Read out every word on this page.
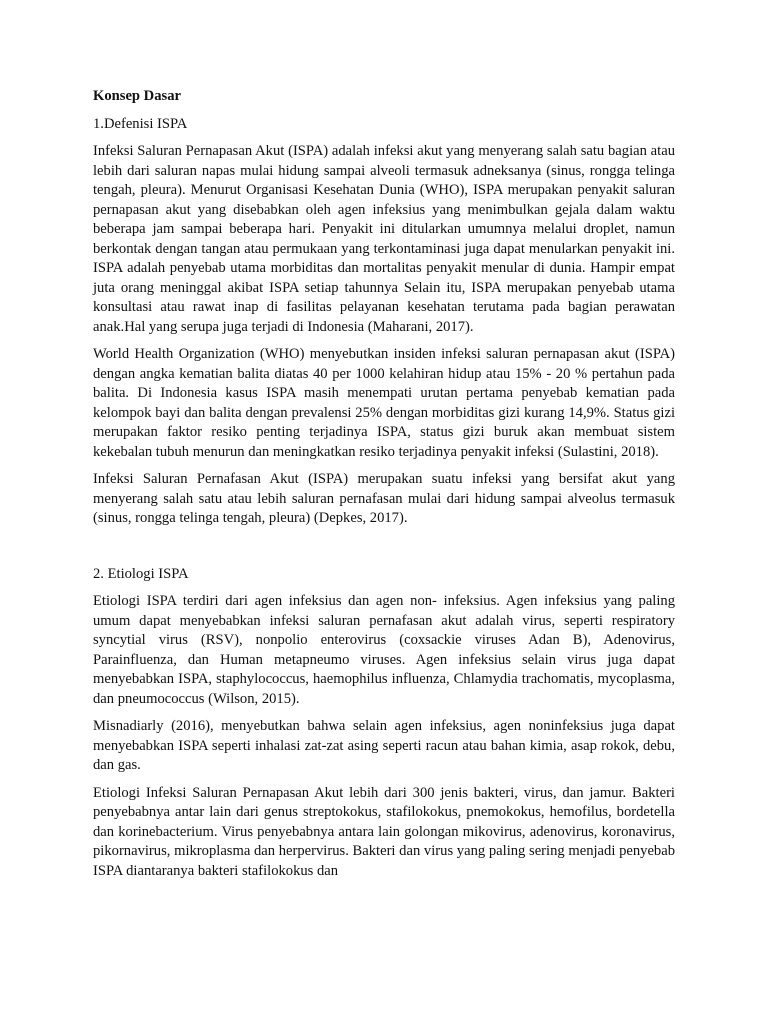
Konsep Dasar
1.Defenisi ISPA

Infeksi Saluran Pernapasan Akut (ISPA) adalah infeksi akut yang menyerang salah satu bagian atau lebih dari saluran napas mulai hidung sampai alveoli termasuk adneksanya (sinus, rongga telinga tengah, pleura). Menurut Organisasi Kesehatan Dunia (WHO), ISPA merupakan penyakit saluran pernapasan akut yang disebabkan oleh agen infeksius yang menimbulkan gejala dalam waktu beberapa jam sampai beberapa hari. Penyakit ini ditularkan umumnya melalui droplet, namun berkontak dengan tangan atau permukaan yang terkontaminasi juga dapat menularkan penyakit ini. ISPA adalah penyebab utama morbiditas dan mortalitas penyakit menular di dunia. Hampir empat juta orang meninggal akibat ISPA setiap tahunnya Selain itu, ISPA merupakan penyebab utama konsultasi atau rawat inap di fasilitas pelayanan kesehatan terutama pada bagian perawatan anak.Hal yang serupa juga terjadi di Indonesia (Maharani, 2017).

World Health Organization (WHO) menyebutkan insiden infeksi saluran pernapasan akut (ISPA) dengan angka kematian balita diatas 40 per 1000 kelahiran hidup atau 15% - 20 % pertahun pada balita. Di Indonesia kasus ISPA masih menempati urutan pertama penyebab kematian pada kelompok bayi dan balita dengan prevalensi 25% dengan morbiditas gizi kurang 14,9%. Status gizi merupakan faktor resiko penting terjadinya ISPA, status gizi buruk akan membuat sistem kekebalan tubuh menurun dan meningkatkan resiko terjadinya penyakit infeksi (Sulastini, 2018).

Infeksi Saluran Pernafasan Akut (ISPA) merupakan suatu infeksi yang bersifat akut yang menyerang salah satu atau lebih saluran pernafasan mulai dari hidung sampai alveolus termasuk (sinus, rongga telinga tengah, pleura) (Depkes, 2017).

2. Etiologi ISPA

Etiologi ISPA terdiri dari agen infeksius dan agen non- infeksius. Agen infeksius yang paling umum dapat menyebabkan infeksi saluran pernafasan akut adalah virus, seperti respiratory syncytial virus (RSV), nonpolio enterovirus (coxsackie viruses Adan B), Adenovirus, Parainfluenza, dan Human metapneumo viruses. Agen infeksius selain virus juga dapat menyebabkan ISPA, staphylococcus, haemophilus influenza, Chlamydia trachomatis, mycoplasma, dan pneumococcus (Wilson, 2015).

Misnadiarly (2016), menyebutkan bahwa selain agen infeksius, agen noninfeksius juga dapat menyebabkan ISPA seperti inhalasi zat-zat asing seperti racun atau bahan kimia, asap rokok, debu, dan gas.

Etiologi Infeksi Saluran Pernapasan Akut lebih dari 300 jenis bakteri, virus, dan jamur. Bakteri penyebabnya antar lain dari genus streptokokus, stafilokokus, pnemokokus, hemofilus, bordetella dan korinebacterium. Virus penyebabnya antara lain golongan mikovirus, adenovirus, koronavirus, pikornavirus, mikroplasma dan herpervirus. Bakteri dan virus yang paling sering menjadi penyebab ISPA diantaranya bakteri stafilokokus dan
